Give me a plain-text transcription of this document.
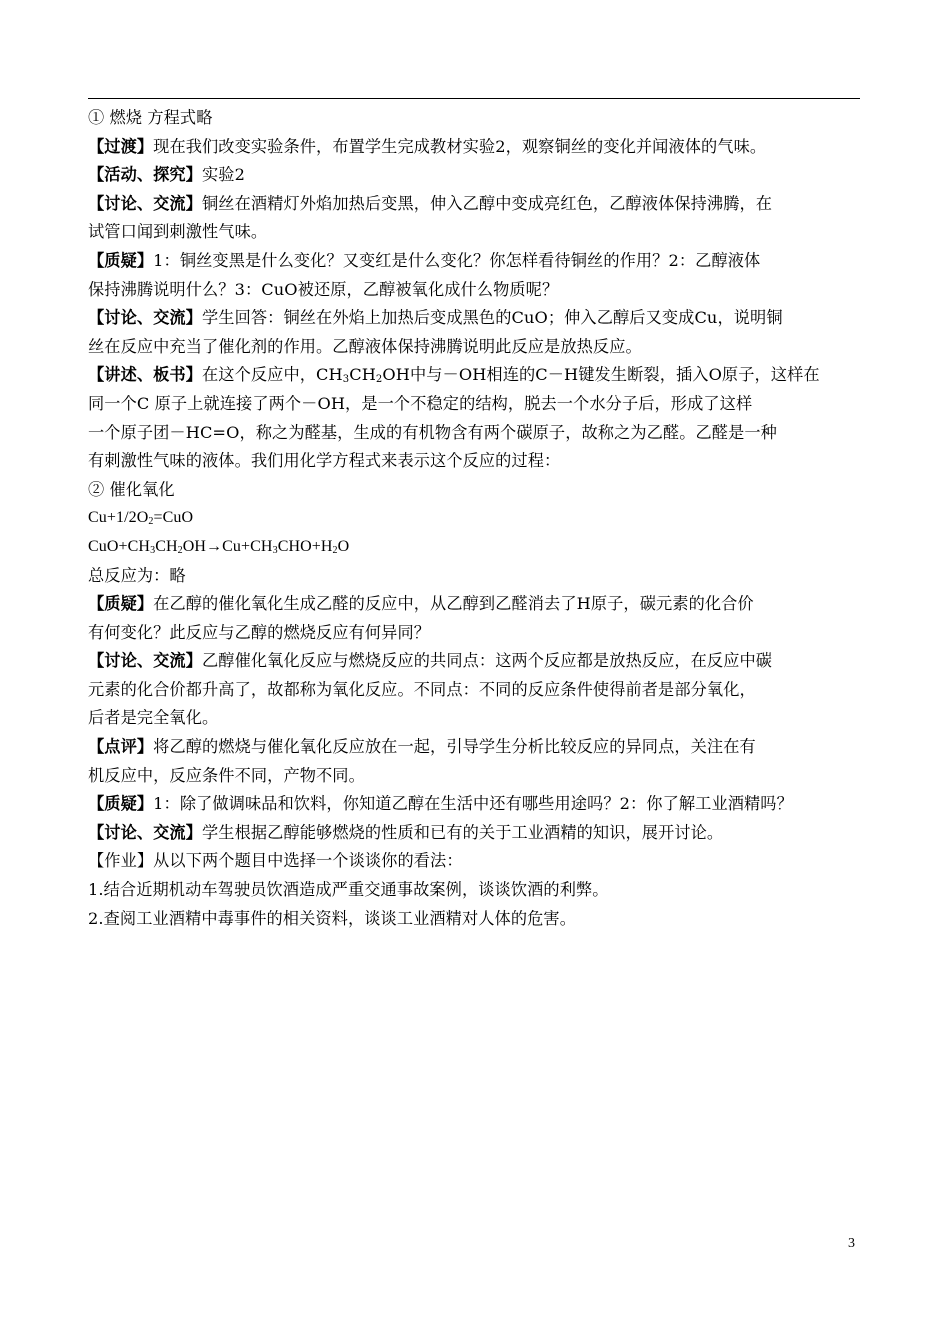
① 燃烧 方程式略
【过渡】现在我们改变实验条件，布置学生完成教材实验2，观察铜丝的变化并闻液体的气味。
【活动、探究】实验2
【讨论、交流】铜丝在酒精灯外焰加热后变黑，伸入乙醇中变成亮红色，乙醇液体保持沸腾，在
试管口闻到刺激性气味。
【质疑】1：铜丝变黑是什么变化？又变红是什么变化？你怎样看待铜丝的作用？2：乙醇液体
保持沸腾说明什么？3：CuO被还原，乙醇被氧化成什么物质呢？
【讨论、交流】学生回答：铜丝在外焰上加热后变成黑色的CuO；伸入乙醇后又变成Cu，说明铜
丝在反应中充当了催化剂的作用。乙醇液体保持沸腾说明此反应是放热反应。
【讲述、板书】在这个反应中，$CH_3CH_2OH$中与－OH相连的C－H键发生断裂，插入O原子，这样在
同一个C 原子上就连接了两个－OH，是一个不稳定的结构，脱去一个水分子后，形成了这样
一个原子团－HC=O，称之为醛基，生成的有机物含有两个碳原子，故称之为乙醛。乙醛是一种
有刺激性气味的液体。我们用化学方程式来表示这个反应的过程：
② 催化氧化
$Cu+1/2O_2=CuO$
$CuO+CH_3CH_2OH\to Cu+CH_3CHO+H_2O$
总反应为：略
【质疑】在乙醇的催化氧化生成乙醛的反应中，从乙醇到乙醛消去了H原子，碳元素的化合价
有何变化？此反应与乙醇的燃烧反应有何异同？
【讨论、交流】乙醇催化氧化反应与燃烧反应的共同点：这两个反应都是放热反应，在反应中碳
元素的化合价都升高了，故都称为氧化反应。不同点：不同的反应条件使得前者是部分氧化，
后者是完全氧化。
【点评】将乙醇的燃烧与催化氧化反应放在一起，引导学生分析比较反应的异同点，关注在有
机反应中，反应条件不同，产物不同。
【质疑】1：除了做调味品和饮料，你知道乙醇在生活中还有哪些用途吗？2：你了解工业酒精吗？
【讨论、交流】学生根据乙醇能够燃烧的性质和已有的关于工业酒精的知识，展开讨论。
【作业】从以下两个题目中选择一个谈谈你的看法：
1.结合近期机动车驾驶员饮酒造成严重交通事故案例，谈谈饮酒的利弊。
2.查阅工业酒精中毒事件的相关资料，谈谈工业酒精对人体的危害。
3
